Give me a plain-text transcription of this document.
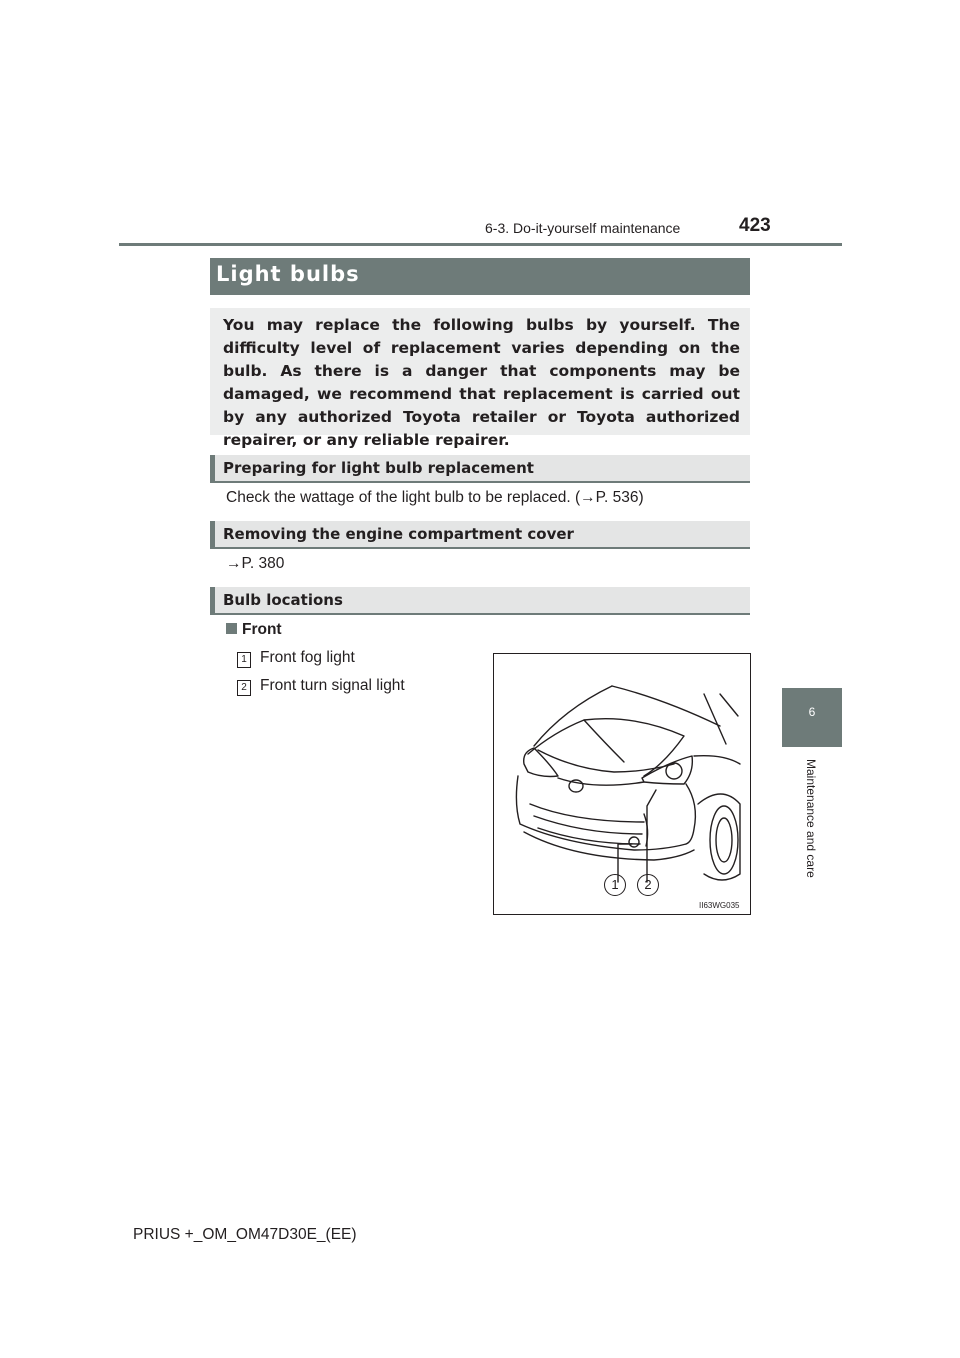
6-3. Do-it-yourself maintenance	423
6
Maintenance and care
Light bulbs
You may replace the following bulbs by yourself. The difficulty level of replacement varies depending on the bulb. As there is a danger that components may be damaged, we recommend that replacement is carried out by any authorized Toyota retailer or Toyota authorized repairer, or any reliable repairer.
Preparing for light bulb replacement
Check the wattage of the light bulb to be replaced. (→P. 536)
Removing the engine compartment cover
→P. 380
Bulb locations
Front
1 Front fog light
2 Front turn signal light
1	2
II63WG035
PRIUS +_OM_OM47D30E_(EE)
